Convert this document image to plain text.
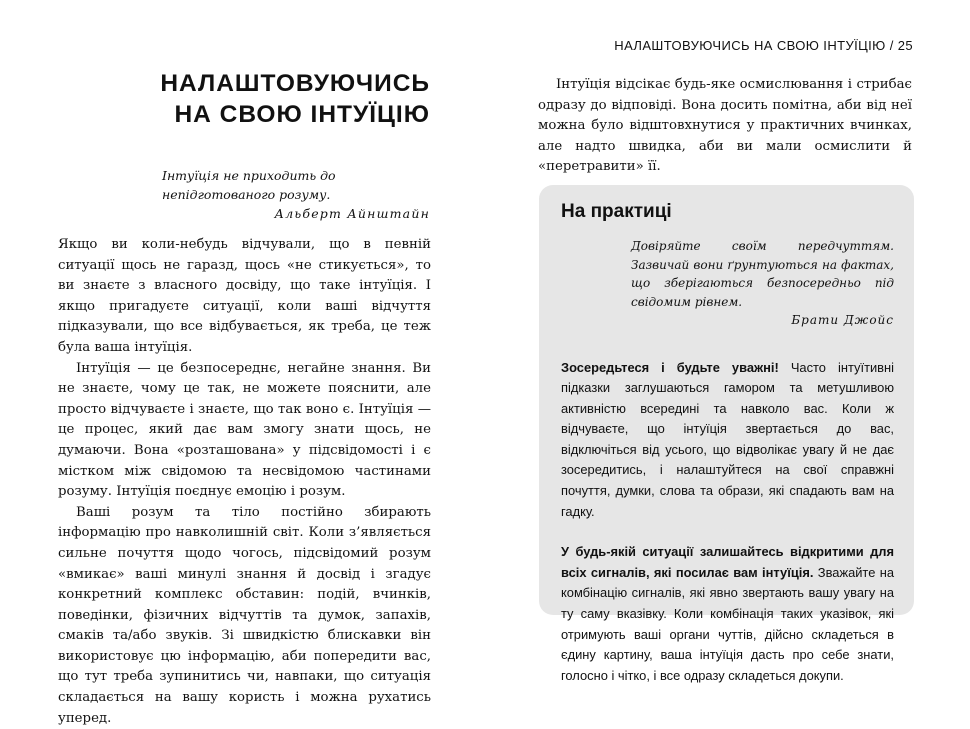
НАЛАШТОВУЮЧИСЬ НА СВОЮ ІНТУЇЦІЮ / 25
НАЛАШТОВУЮЧИСЬ
НА СВОЮ ІНТУЇЦІЮ
Інтуїція не приходить до непідготованого розуму.
Альберт Айнштайн

Якщо ви коли-небудь відчували, що в певній ситуації щось не гаразд, щось «не стикується», то ви знаєте з власного досвіду, що таке інтуїція. І якщо пригадуєте ситуації, коли ваші відчуття підказували, що все відбувається, як треба, це теж була ваша інтуїція.

Інтуїція — це безпосереднє, негайне знання. Ви не знаєте, чому це так, не можете пояснити, але просто відчуваєте і знаєте, що так воно є. Інтуїція — це процес, який дає вам змогу знати щось, не думаючи. Вона «розташована» у підсвідомості і є містком між свідомою та несвідомою частинами розуму. Інтуїція поєднує емоцію і розум.

Ваші розум та тіло постійно збирають інформацію про навколишній світ. Коли з’являється сильне почуття щодо чогось, підсвідомий розум «вмикає» ваші минулі знання й досвід і згадує конкретний комплекс обставин: подій, вчинків, поведінки, фізичних відчуттів та думок, запахів, смаків та/або звуків. Зі швидкістю блискавки він використовує цю інформацію, аби попередити вас, що тут треба зупинитись чи, навпаки, що ситуація складається на вашу користь і можна рухатись уперед.

Інтуїція відсікає будь-яке осмислювання і стрибає одразу до відповіді. Вона досить помітна, аби від неї можна було відштовхнутися у практичних вчинках, але надто швидка, аби ви мали осмислити й «перетравити» її.

На практиці
Довіряйте своїм передчуттям. Зазвичай вони ґрунтуються на фактах, що зберігаються безпосередньо під свідомим рівнем.
Брати Джойс

Зосередьтеся і будьте уважні! Часто інтуїтивні підказки заглушаються гамором та метушливою активністю всередині та навколо вас. Коли ж відчуваєте, що інтуїція звертається до вас, відключіться від усього, що відволікає увагу й не дає зосередитись, і налаштуйтеся на свої справжні почуття, думки, слова та образи, які спадають вам на гадку.

У будь-якій ситуації залишайтесь відкритими для всіх сигналів, які посилає вам інтуїція. Зважайте на комбінацію сигналів, які явно звертають вашу увагу на ту саму вказівку. Коли комбінація таких указівок, які отримують ваші органи чуттів, дійсно складеться в єдину картину, ваша інтуїція дасть про себе знати, голосно і чітко, і все одразу складеться докупи.
